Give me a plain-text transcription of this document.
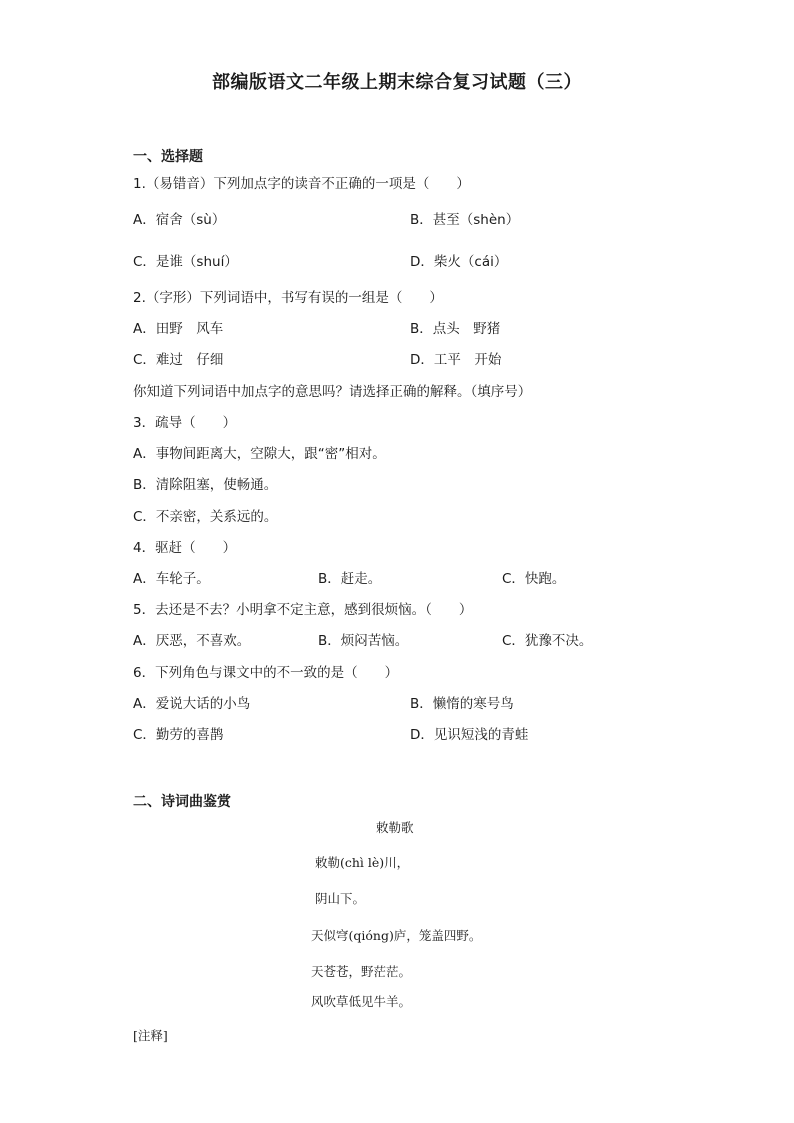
部编版语文二年级上期末综合复习试题（三）
一、选择题
1.（易错音）下列加点字的读音不正确的一项是（　　）
A．宿舍（sù）	B．甚至（shèn）
C．是谁（shuí）	D．柴火（cái）
2.（字形）下列词语中，书写有误的一组是（　　）
A．田野　风车	B．点头　野猪
C．难过　仔细	D．工平　开始
你知道下列词语中加点字的意思吗？请选择正确的解释。（填序号）
3．疏导（　　）
A．事物间距离大，空隙大，跟“密”相对。
B．清除阻塞，使畅通。
C．不亲密，关系远的。
4．驱赶（　　）
A．车轮子。	B．赶走。	C．快跑。
5．去还是不去？小明拿不定主意，感到很烦恼。（　　）
A．厌恶，不喜欢。	B．烦闷苦恼。	C．犹豫不决。
6．下列角色与课文中的不一致的是（　　）
A．爱说大话的小鸟	B．懒惰的寒号鸟
C．勤劳的喜鹊	D．见识短浅的青蛙
二、诗词曲鉴赏
敕勒歌
敕勒(chì lè)川，
阴山下。
天似穹(qióng)庐，笼盖四野。
天苍苍，野茫茫。
风吹草低见牛羊。
[注释]
